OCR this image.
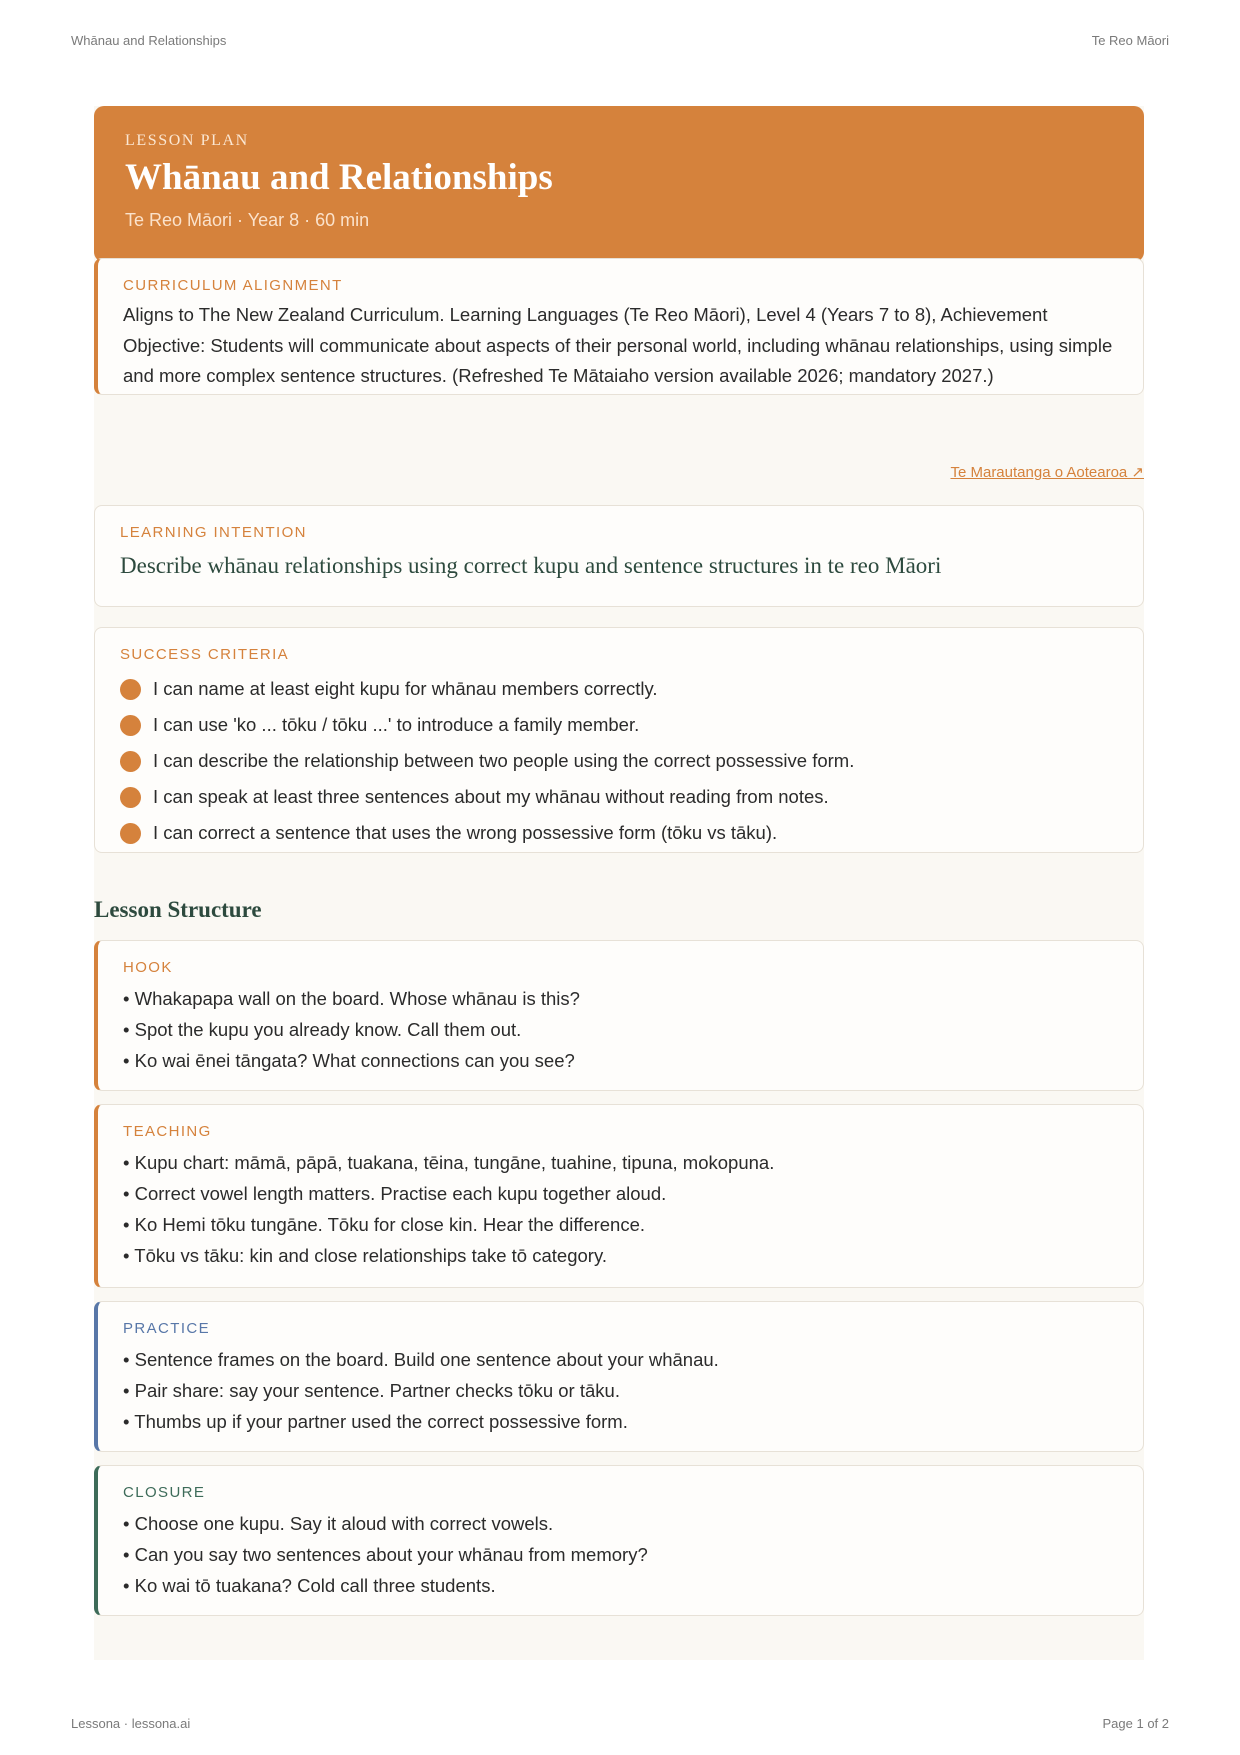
Whānau and Relationships	Te Reo Māori
LESSON PLAN
Whānau and Relationships
Te Reo Māori · Year 8 · 60 min
CURRICULUM ALIGNMENT
Aligns to The New Zealand Curriculum. Learning Languages (Te Reo Māori), Level 4 (Years 7 to 8), Achievement Objective: Students will communicate about aspects of their personal world, including whānau relationships, using simple and more complex sentence structures. (Refreshed Te Mātaiaho version available 2026; mandatory 2027.)
Te Marautanga o Aotearoa ↗
LEARNING INTENTION
Describe whānau relationships using correct kupu and sentence structures in te reo Māori
SUCCESS CRITERIA
I can name at least eight kupu for whānau members correctly.
I can use 'ko ... tōku / tōku ...' to introduce a family member.
I can describe the relationship between two people using the correct possessive form.
I can speak at least three sentences about my whānau without reading from notes.
I can correct a sentence that uses the wrong possessive form (tōku vs tāku).
Lesson Structure
HOOK
• Whakapapa wall on the board. Whose whānau is this?
• Spot the kupu you already know. Call them out.
• Ko wai ēnei tāngata? What connections can you see?
TEACHING
• Kupu chart: māmā, pāpā, tuakana, tēina, tungāne, tuahine, tipuna, mokopuna.
• Correct vowel length matters. Practise each kupu together aloud.
• Ko Hemi tōku tungāne. Tōku for close kin. Hear the difference.
• Tōku vs tāku: kin and close relationships take tō category.
PRACTICE
• Sentence frames on the board. Build one sentence about your whānau.
• Pair share: say your sentence. Partner checks tōku or tāku.
• Thumbs up if your partner used the correct possessive form.
CLOSURE
• Choose one kupu. Say it aloud with correct vowels.
• Can you say two sentences about your whānau from memory?
• Ko wai tō tuakana? Cold call three students.
Lessona · lessona.ai	Page 1 of 2
